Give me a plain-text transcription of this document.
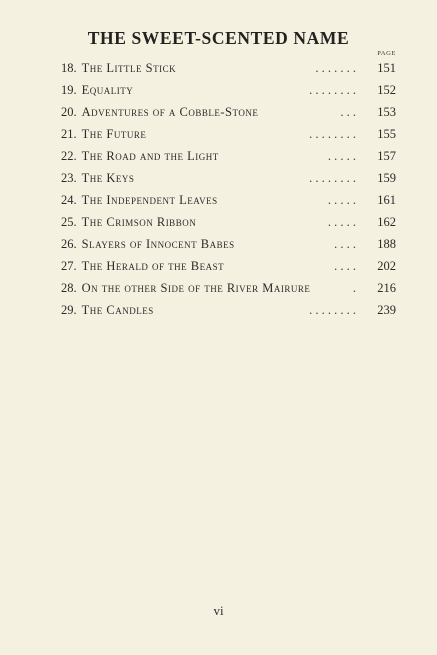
THE SWEET-SCENTED NAME
PAGE
18. The Little Stick	. . . . . . . 151
19. Equality	. . . . . . . . 152
20. Adventures of a Cobble-Stone	. . . 153
21. The Future	. . . . . . . . 155
22. The Road and the Light	. . . . . 157
23. The Keys	. . . . . . . . 159
24. The Independent Leaves	. . . . . 161
25. The Crimson Ribbon	. . . . . 162
26. Slayers of Innocent Babes	. . . . 188
27. The Herald of the Beast	. . . . 202
28. On the other Side of the River Mairure	. 216
29. The Candles	. . . . . . . . 239
vi
